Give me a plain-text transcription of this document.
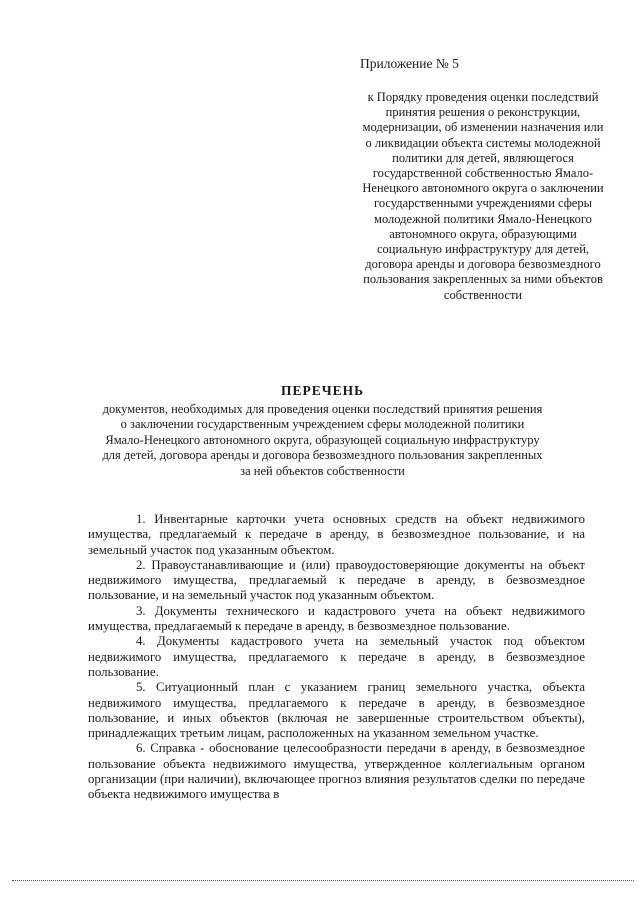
Приложение № 5

к Порядку проведения оценки последствий принятия решения о реконструкции, модернизации, об изменении назначения или о ликвидации объекта системы молодежной политики для детей, являющегося государственной собственностью Ямало-Ненецкого автономного округа о заключении государственными учреждениями сферы молодежной политики Ямало-Ненецкого автономного округа, образующими социальную инфраструктуру для детей, договора аренды и договора безвозмездного пользования закрепленных за ними объектов собственности

ПЕРЕЧЕНЬ

документов, необходимых для проведения оценки последствий принятия решения о заключении государственным учреждением сферы молодежной политики Ямало-Ненецкого автономного округа, образующей социальную инфраструктуру для детей, договора аренды и договора безвозмездного пользования закрепленных за ней объектов собственности

1. Инвентарные карточки учета основных средств на объект недвижимого имущества, предлагаемый к передаче в аренду, в безвозмездное пользование, и на земельный участок под указанным объектом.

2. Правоустанавливающие и (или) правоудостоверяющие документы на объект недвижимого имущества, предлагаемый к передаче в аренду, в безвозмездное пользование, и на земельный участок под указанным объектом.

3. Документы технического и кадастрового учета на объект недвижимого имущества, предлагаемый к передаче в аренду, в безвозмездное пользование.

4. Документы кадастрового учета на земельный участок под объектом недвижимого имущества, предлагаемого к передаче в аренду, в безвозмездное пользование.

5. Ситуационный план с указанием границ земельного участка, объекта недвижимого имущества, предлагаемого к передаче в аренду, в безвозмездное пользование, и иных объектов (включая не завершенные строительством объекты), принадлежащих третьим лицам, расположенных на указанном земельном участке.

6. Справка - обоснование целесообразности передачи в аренду, в безвозмездное пользование объекта недвижимого имущества, утвержденное коллегиальным органом организации (при наличии), включающее прогноз влияния результатов сделки по передаче объекта недвижимого имущества в
